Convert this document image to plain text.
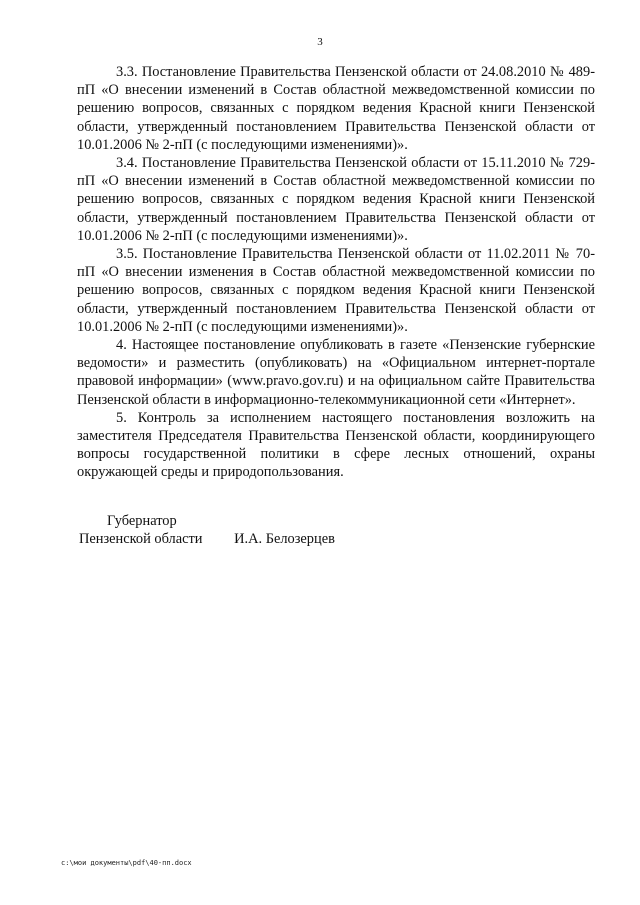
3

3.3. Постановление Правительства Пензенской области от 24.08.2010 № 489-пП «О внесении изменений в Состав областной межведомственной комиссии по решению вопросов, связанных с порядком ведения Красной книги Пензенской области, утвержденный постановлением Правительства Пензенской области от 10.01.2006 № 2-пП (с последующими изменениями)».

3.4. Постановление Правительства Пензенской области от 15.11.2010 № 729-пП «О внесении изменений в Состав областной межведомственной комиссии по решению вопросов, связанных с порядком ведения Красной книги Пензенской области, утвержденный постановлением Правительства Пензенской области от 10.01.2006 № 2-пП (с последующими изменениями)».

3.5. Постановление Правительства Пензенской области от 11.02.2011 № 70-пП «О внесении изменения в Состав областной межведомственной комиссии по решению вопросов, связанных с порядком ведения Красной книги Пензенской области, утвержденный постановлением Правительства Пензенской области от 10.01.2006 № 2-пП (с последующими изменениями)».

4. Настоящее постановление опубликовать в газете «Пензенские губернские ведомости» и разместить (опубликовать) на «Официальном интернет-портале правовой информации» (www.pravo.gov.ru) и на официальном сайте Правительства Пензенской области в информационно-телекоммуникационной сети «Интернет».

5. Контроль за исполнением настоящего постановления возложить на заместителя Председателя Правительства Пензенской области, координирующего вопросы государственной политики в сфере лесных отношений, охраны окружающей среды и природопользования.

Губернатор
Пензенской области И.А. Белозерцев
c:\мои документы\pdf\40-пп.docx
